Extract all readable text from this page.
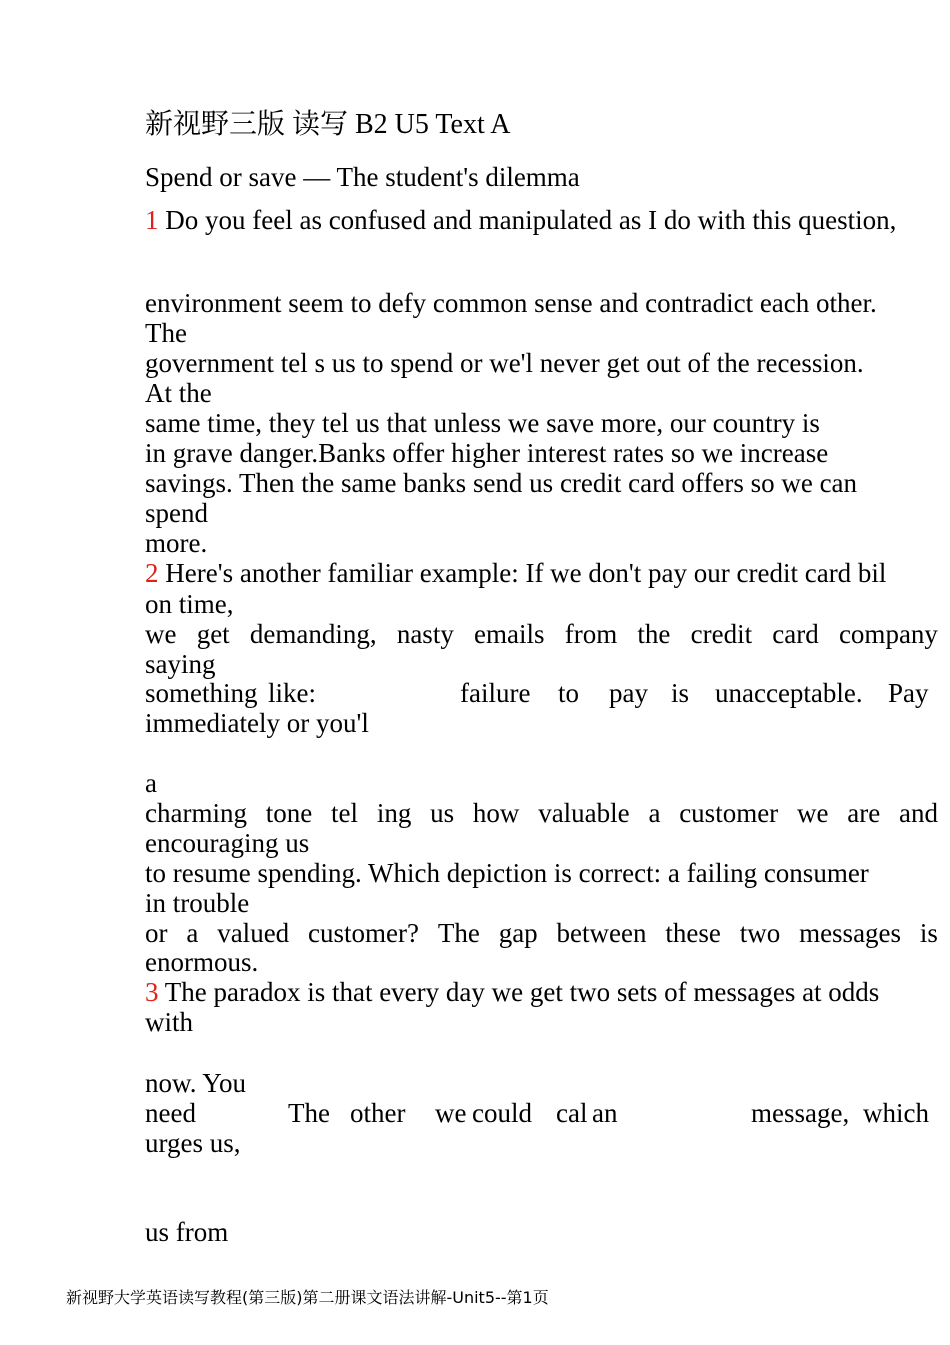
新视野三版 读写 B2 U5 Text A
Spend or save — The student's dilemma
1 Do you feel as confused and manipulated as I do with this question,
environment seem to defy common sense and contradict each other.
The
government tel s us to spend or we'l never get out of the recession.
At the
same time, they tel us that unless we save more, our country is
in grave danger.Banks offer higher interest rates so we increase
savings. Then the same banks send us credit card offers so we can
spend
more.
2 Here's another familiar example: If we don't pay our credit card bil
on time,
we get demanding, nasty emails from the credit card company
saying
something like:	failure to pay is unacceptable. Pay
immediately or you'l
a
charming tone tel ing us how valuable a customer we are and
encouraging us
to resume spending. Which depiction is correct: a failing consumer
in trouble
or a valued customer? The gap between these two messages is
enormous.
3 The paradox is that every day we get two sets of messages at odds
with
now. You
need	The other we could cal an	message, which
urges us,
us from
新视野大学英语读写教程(第三版)第二册课文语法讲解-Unit5--第1页
